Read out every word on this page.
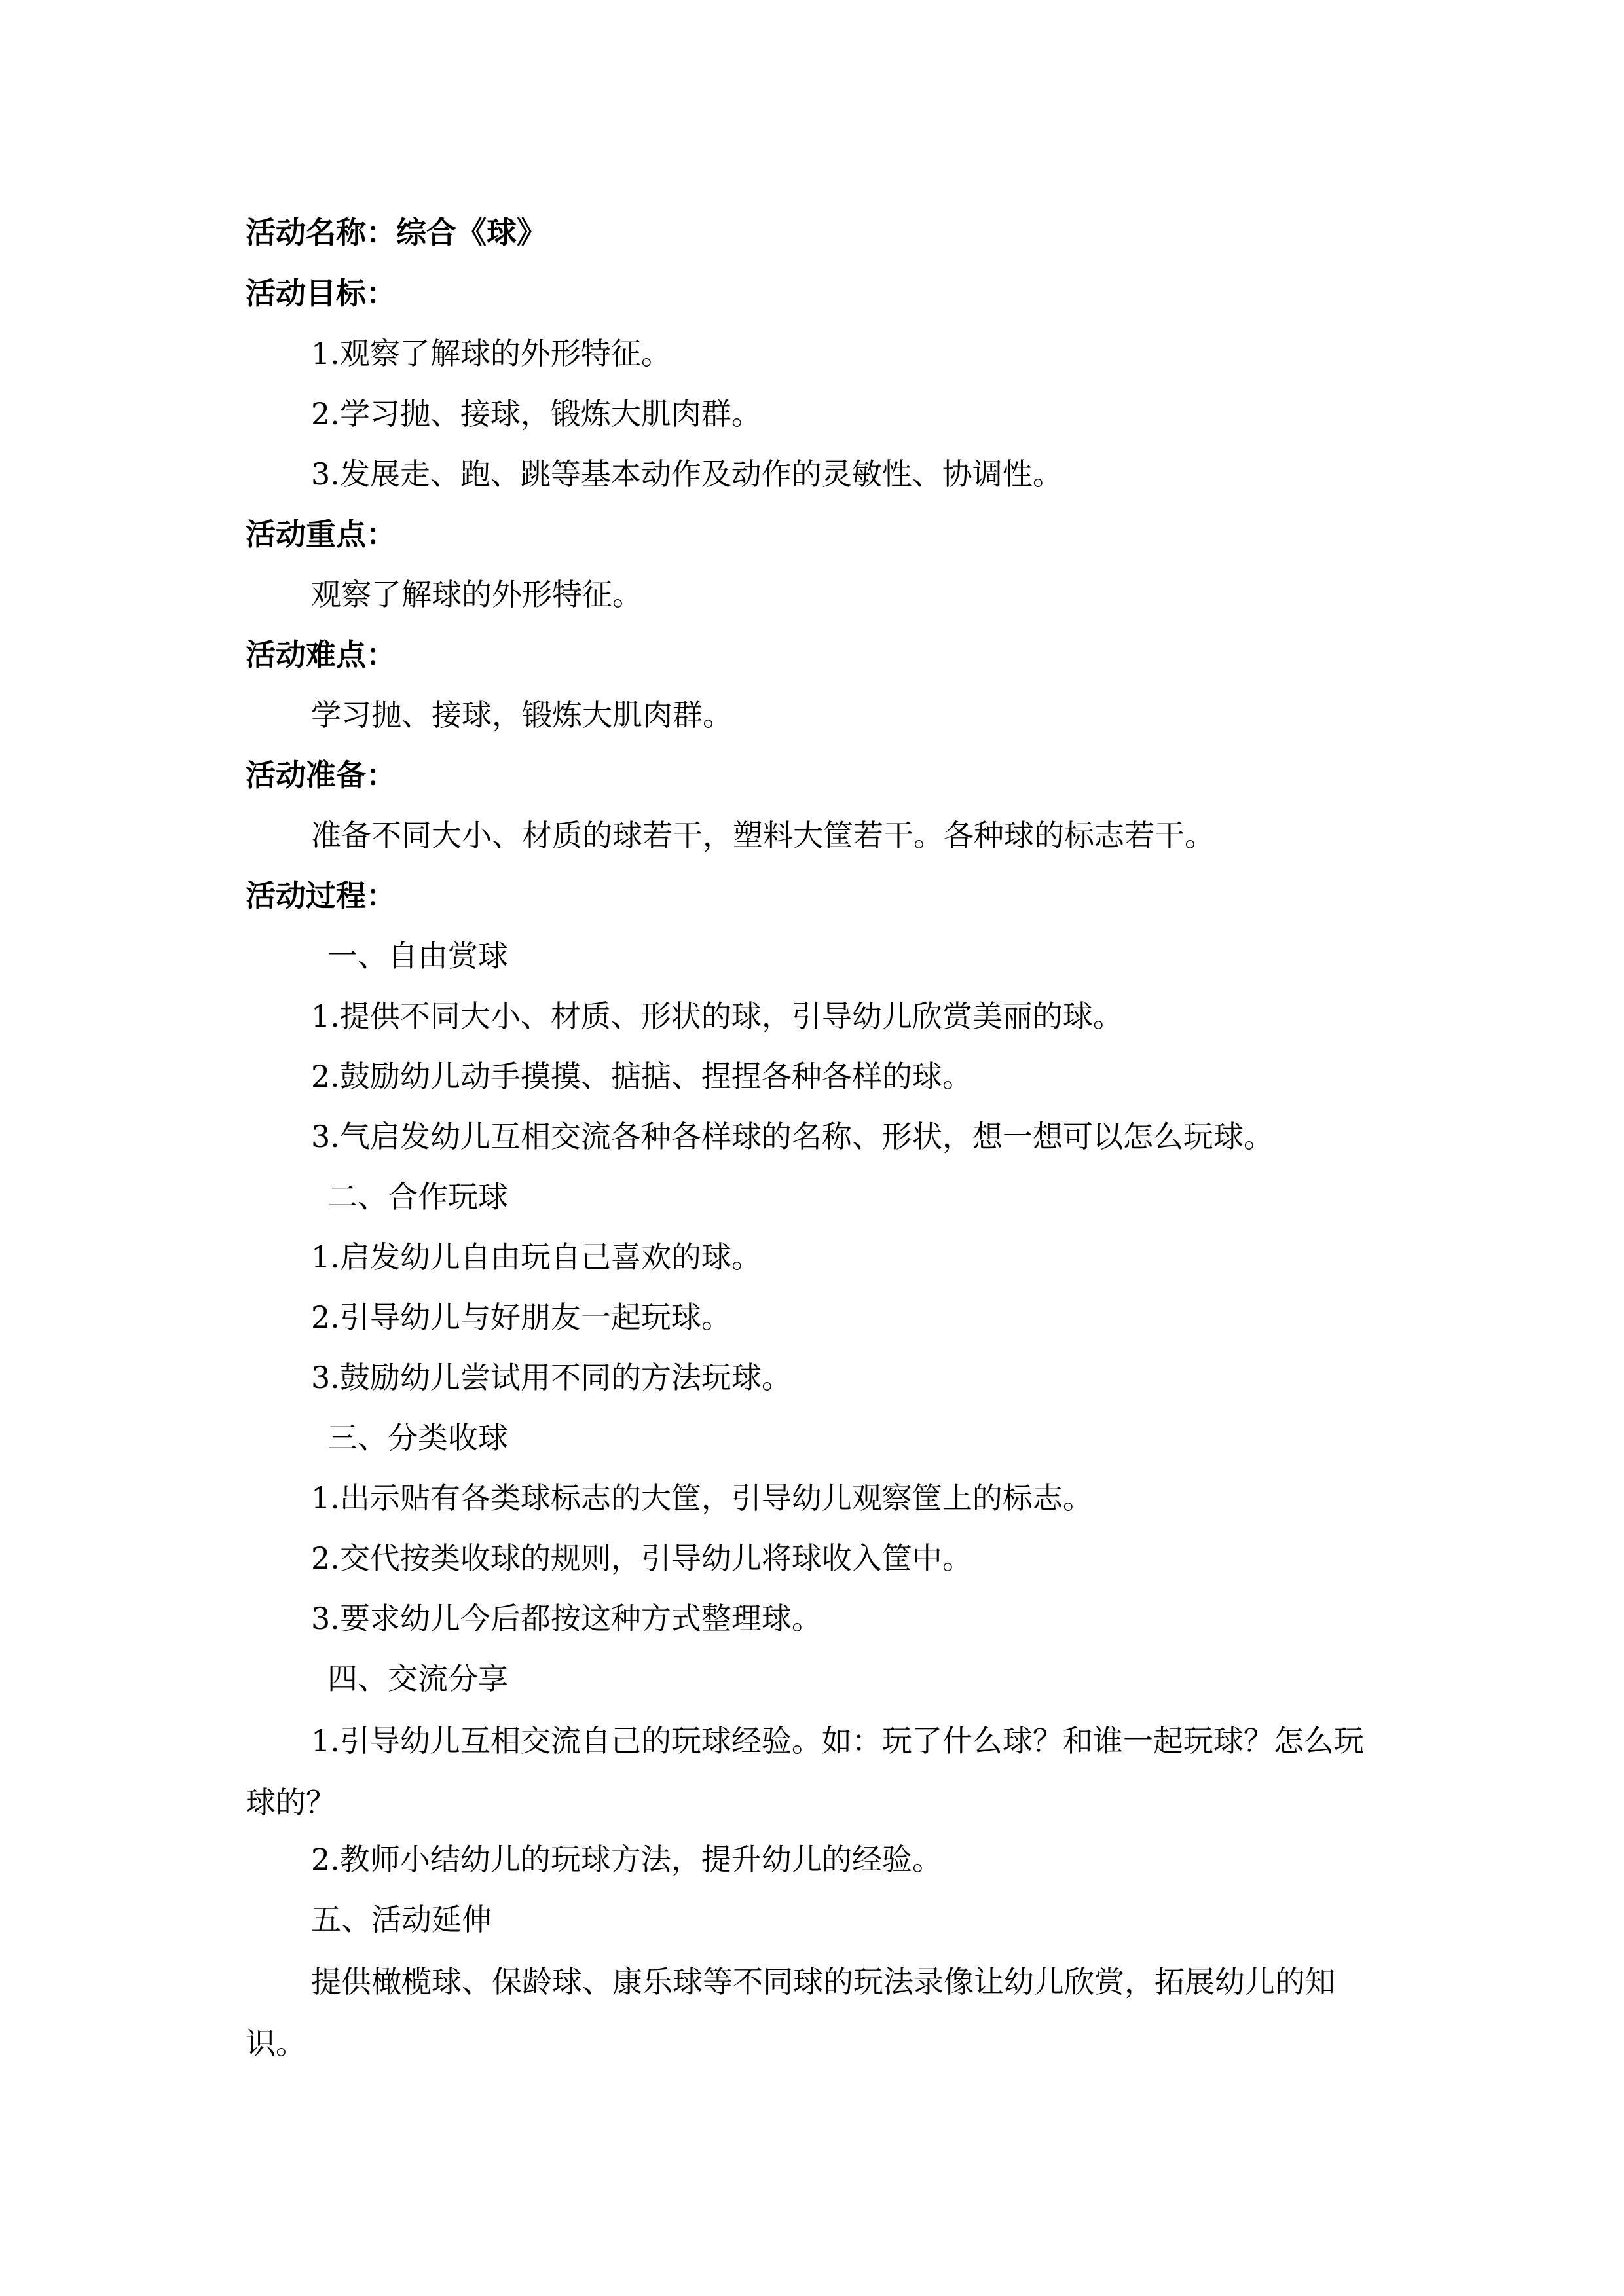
活动名称：综合《球》
活动目标：
1.观察了解球的外形特征。
2.学习抛、接球，锻炼大肌肉群。
3.发展走、跑、跳等基本动作及动作的灵敏性、协调性。
活动重点：
观察了解球的外形特征。
活动难点：
学习抛、接球，锻炼大肌肉群。
活动准备：
准备不同大小、材质的球若干，塑料大筐若干。各种球的标志若干。
活动过程：
一、自由赏球
1.提供不同大小、材质、形状的球，引导幼儿欣赏美丽的球。
2.鼓励幼儿动手摸摸、掂掂、捏捏各种各样的球。
3.气启发幼儿互相交流各种各样球的名称、形状，想一想可以怎么玩球。
二、合作玩球
1.启发幼儿自由玩自己喜欢的球。
2.引导幼儿与好朋友一起玩球。
3.鼓励幼儿尝试用不同的方法玩球。
三、分类收球
1.出示贴有各类球标志的大筐，引导幼儿观察筐上的标志。
2.交代按类收球的规则，引导幼儿将球收入筐中。
3.要求幼儿今后都按这种方式整理球。
四、交流分享
1.引导幼儿互相交流自己的玩球经验。如：玩了什么球？和谁一起玩球？怎么玩球的？
2.教师小结幼儿的玩球方法，提升幼儿的经验。
五、活动延伸
提供橄榄球、保龄球、康乐球等不同球的玩法录像让幼儿欣赏，拓展幼儿的知识。
